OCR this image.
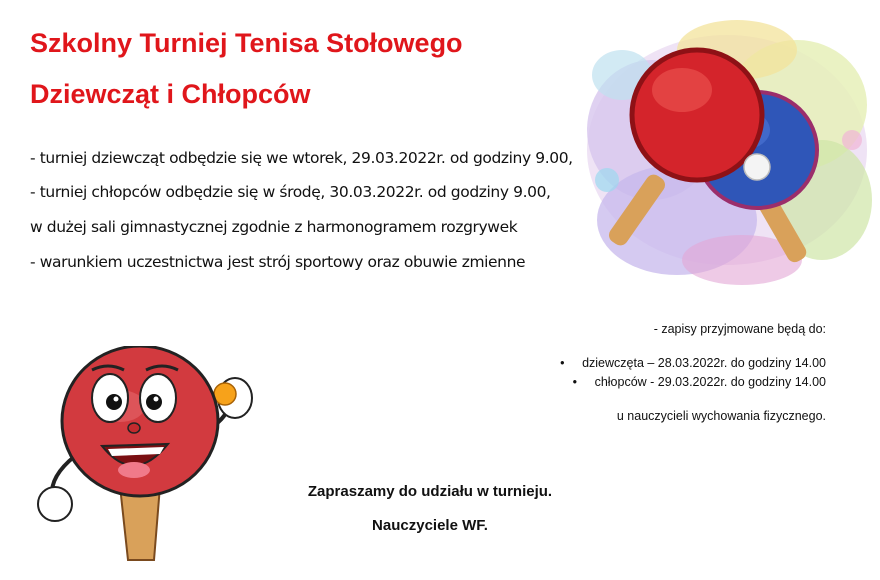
Szkolny Turniej Tenisa Stołowego
Dziewcząt i Chłopców
- turniej dziewcząt odbędzie się we wtorek, 29.03.2022r. od godziny 9.00,
- turniej chłopców odbędzie się w środę, 30.03.2022r. od godziny 9.00,
w dużej sali gimnastycznej zgodnie z harmonogramem rozgrywek
- warunkiem uczestnictwa jest strój sportowy oraz obuwie zmienne
- zapisy przyjmowane będą do:
• dziewczęta – 28.03.2022r. do godziny 14.00
• chłopców - 29.03.2022r. do godziny 14.00
u nauczycieli wychowania fizycznego.
Zapraszamy do udziału w turnieju.
Nauczyciele WF.
